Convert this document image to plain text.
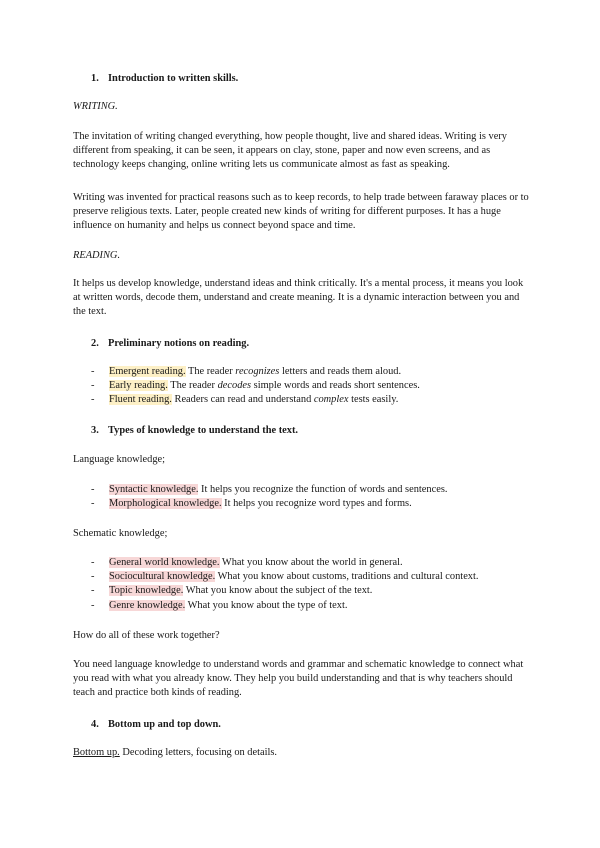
1. Introduction to written skills.

WRITING.

The invitation of writing changed everything, how people thought, live and shared ideas. Writing is very different from speaking, it can be seen, it appears on clay, stone, paper and now even screens, and as technology keeps changing, online writing lets us communicate almost as fast as speaking.

Writing was invented for practical reasons such as to keep records, to help trade between faraway places or to preserve religious texts. Later, people created new kinds of writing for different purposes. It has a huge influence on humanity and helps us connect beyond space and time.

READING.

It helps us develop knowledge, understand ideas and think critically. It's a mental process, it means you look at written words, decode them, understand and create meaning. It is a dynamic interaction between you and the text.

2. Preliminary notions on reading.
- Emergent reading. The reader recognizes letters and reads them aloud.
- Early reading. The reader decodes simple words and reads short sentences.
- Fluent reading. Readers can read and understand complex tests easily.
3. Types of knowledge to understand the text.

Language knowledge;

- Syntactic knowledge. It helps you recognize the function of words and sentences.
- Morphological knowledge. It helps you recognize word types and forms.

Schematic knowledge;

- General world knowledge. What you know about the world in general.
- Sociocultural knowledge. What you know about customs, traditions and cultural context.
- Topic knowledge. What you know about the subject of the text.
- Genre knowledge. What you know about the type of text.

How do all of these work together?

You need language knowledge to understand words and grammar and schematic knowledge to connect what you read with what you already know. They help you build understanding and that is why teachers should teach and practice both kinds of reading.

4. Bottom up and top down.

Bottom up. Decoding letters, focusing on details.
